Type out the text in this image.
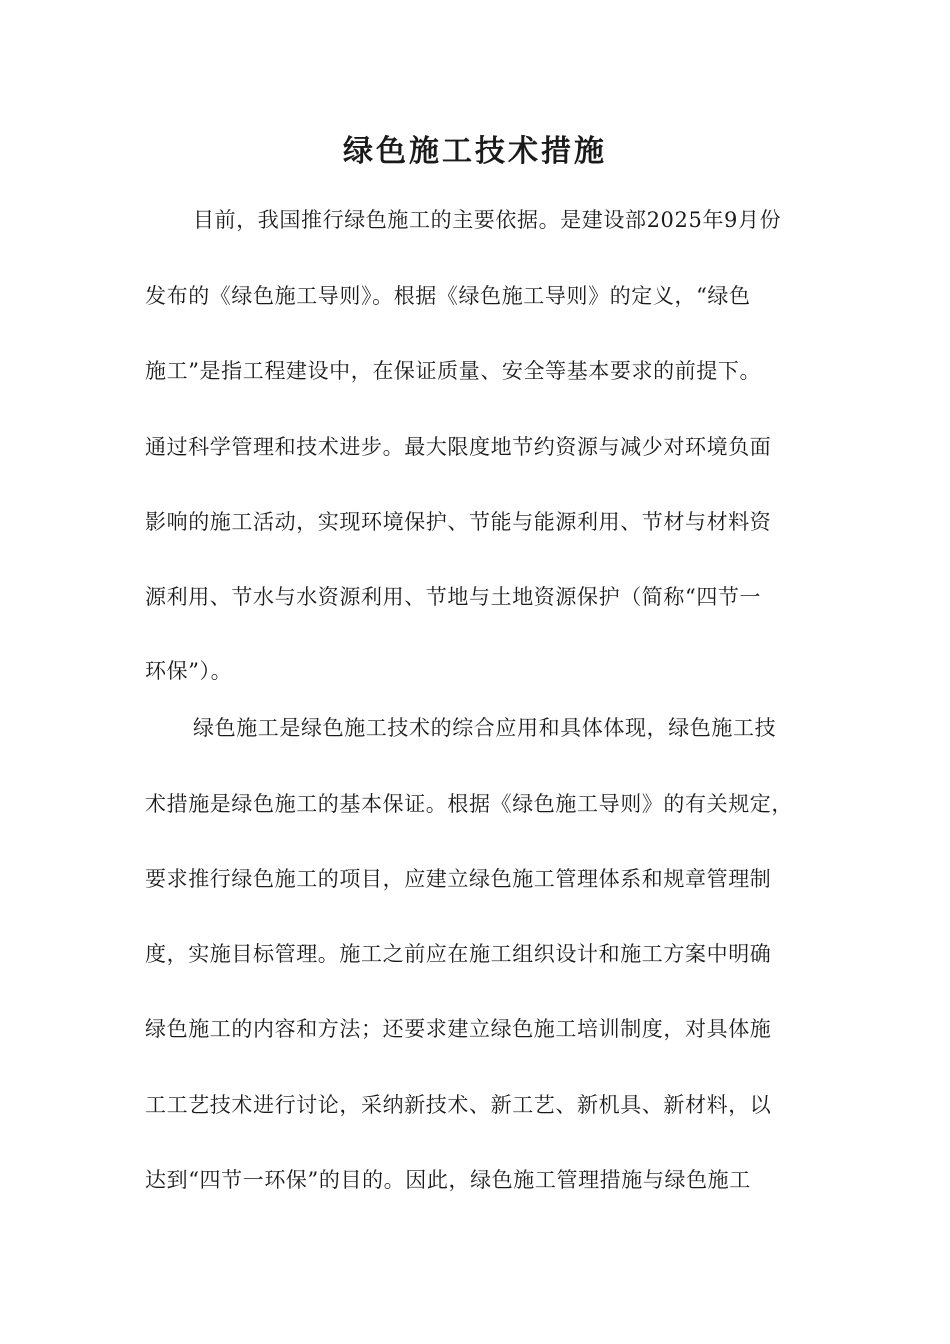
绿色施工技术措施
目前，我国推行绿色施工的主要依据。是建设部2025年9月份
发布的《绿色施工导则》。根据《绿色施工导则》的定义，“绿色
施工”是指工程建设中，在保证质量、安全等基本要求的前提下。
通过科学管理和技术进步。最大限度地节约资源与减少对环境负面
影响的施工活动，实现环境保护、节能与能源利用、节材与材料资
源利用、节水与水资源利用、节地与土地资源保护（简称“四节一
环保”）。
绿色施工是绿色施工技术的综合应用和具体体现，绿色施工技
术措施是绿色施工的基本保证。根据《绿色施工导则》的有关规定，
要求推行绿色施工的项目，应建立绿色施工管理体系和规章管理制
度，实施目标管理。施工之前应在施工组织设计和施工方案中明确
绿色施工的内容和方法；还要求建立绿色施工培训制度，对具体施
工工艺技术进行讨论，采纳新技术、新工艺、新机具、新材料，以
达到“四节一环保”的目的。因此，绿色施工管理措施与绿色施工
